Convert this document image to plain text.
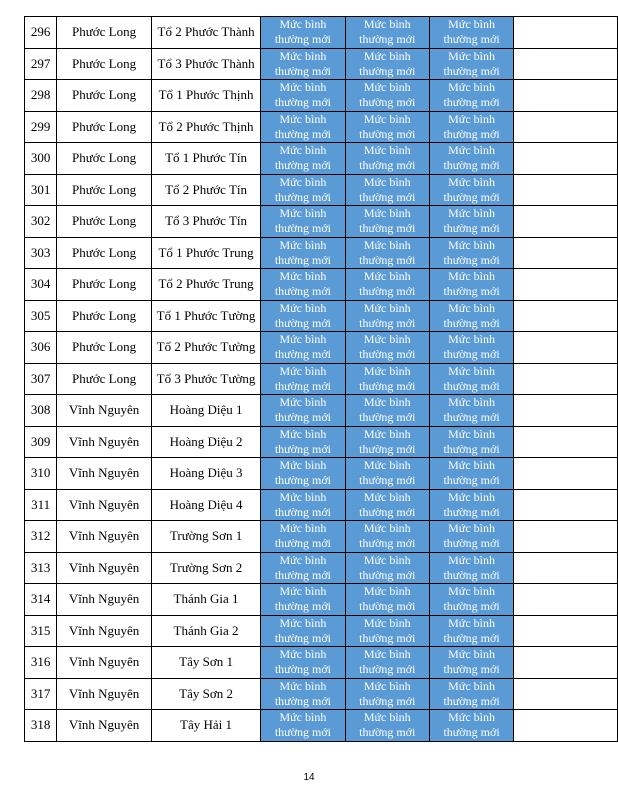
296	Phước Long	Tổ 2 Phước Thành	Mức bình
thường mới	Mức bình
thường mới	Mức bình
thường mới	

297	Phước Long	Tổ 3 Phước Thành	Mức bình
thường mới	Mức bình
thường mới	Mức bình
thường mới	

298	Phước Long	Tổ 1 Phước Thịnh	Mức bình
thường mới	Mức bình
thường mới	Mức bình
thường mới	

299	Phước Long	Tổ 2 Phước Thịnh	Mức bình
thường mới	Mức bình
thường mới	Mức bình
thường mới	

300	Phước Long	Tổ 1 Phước Tín	Mức bình
thường mới	Mức bình
thường mới	Mức bình
thường mới	

301	Phước Long	Tổ 2 Phước Tín	Mức bình
thường mới	Mức bình
thường mới	Mức bình
thường mới	

302	Phước Long	Tổ 3 Phước Tín	Mức bình
thường mới	Mức bình
thường mới	Mức bình
thường mới	

303	Phước Long	Tổ 1 Phước Trung	Mức bình
thường mới	Mức bình
thường mới	Mức bình
thường mới	

304	Phước Long	Tổ 2 Phước Trung	Mức bình
thường mới	Mức bình
thường mới	Mức bình
thường mới	

305	Phước Long	Tổ 1 Phước Tường	Mức bình
thường mới	Mức bình
thường mới	Mức bình
thường mới	

306	Phước Long	Tổ 2 Phước Tường	Mức bình
thường mới	Mức bình
thường mới	Mức bình
thường mới	

307	Phước Long	Tổ 3 Phước Tường	Mức bình
thường mới	Mức bình
thường mới	Mức bình
thường mới	

308	Vĩnh Nguyên	Hoàng Diệu 1	Mức bình
thường mới	Mức bình
thường mới	Mức bình
thường mới	

309	Vĩnh Nguyên	Hoàng Diệu 2	Mức bình
thường mới	Mức bình
thường mới	Mức bình
thường mới	

310	Vĩnh Nguyên	Hoàng Diệu 3	Mức bình
thường mới	Mức bình
thường mới	Mức bình
thường mới	

311	Vĩnh Nguyên	Hoàng Diệu 4	Mức bình
thường mới	Mức bình
thường mới	Mức bình
thường mới	

312	Vĩnh Nguyên	Trường Sơn 1	Mức bình
thường mới	Mức bình
thường mới	Mức bình
thường mới	

313	Vĩnh Nguyên	Trường Sơn 2	Mức bình
thường mới	Mức bình
thường mới	Mức bình
thường mới	

314	Vĩnh Nguyên	Thánh Gia 1	Mức bình
thường mới	Mức bình
thường mới	Mức bình
thường mới	

315	Vĩnh Nguyên	Thánh Gia 2	Mức bình
thường mới	Mức bình
thường mới	Mức bình
thường mới	

316	Vĩnh Nguyên	Tây Sơn 1	Mức bình
thường mới	Mức bình
thường mới	Mức bình
thường mới	

317	Vĩnh Nguyên	Tây Sơn 2	Mức bình
thường mới	Mức bình
thường mới	Mức bình
thường mới	

318	Vĩnh Nguyên	Tây Hải 1	Mức bình
thường mới	Mức bình
thường mới	Mức bình
thường mới	

14
